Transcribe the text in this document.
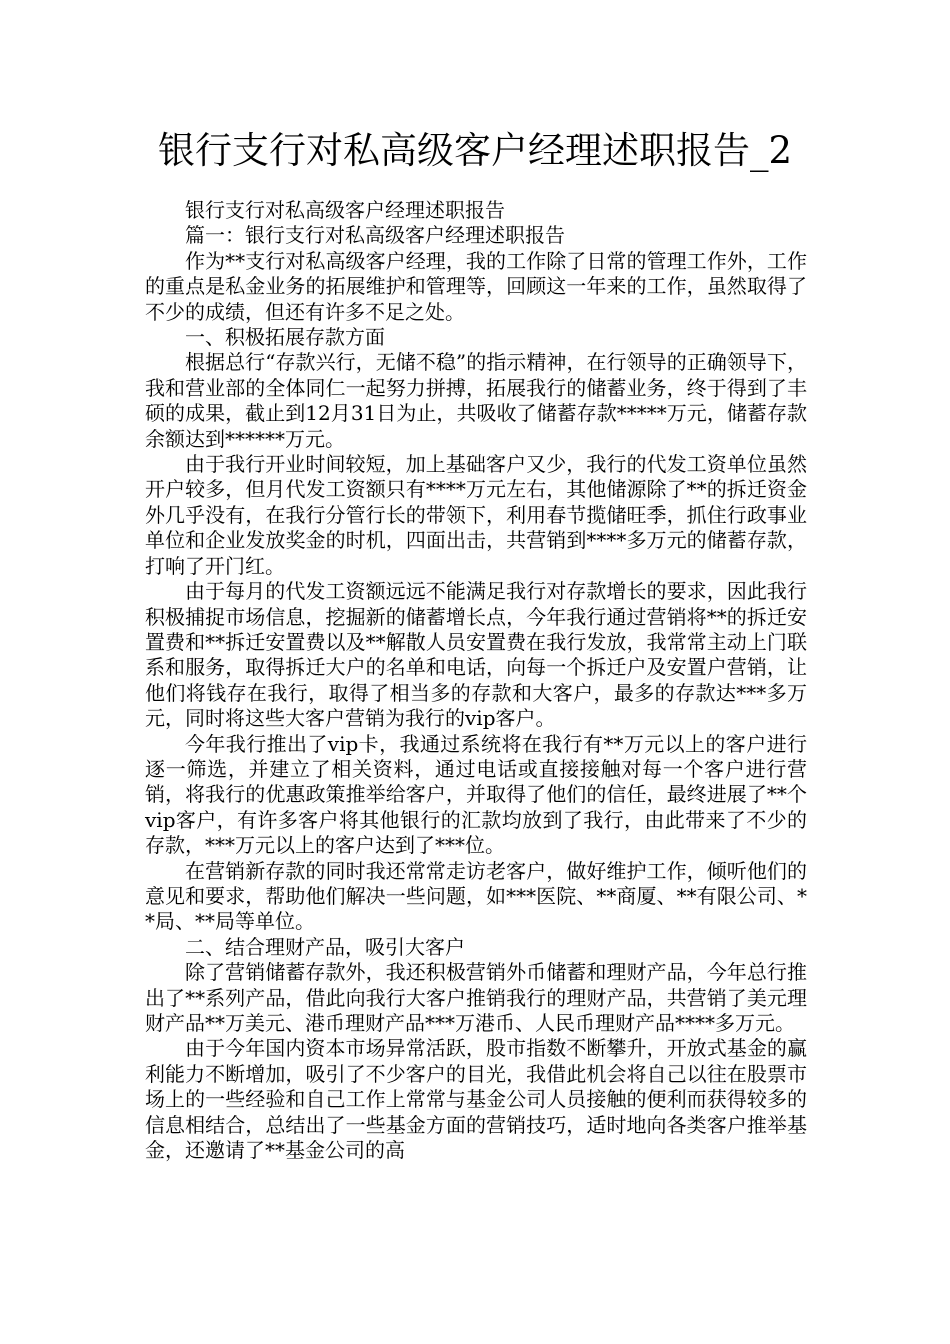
银行支行对私高级客户经理述职报告_2

银行支行对私高级客户经理述职报告

篇一：银行支行对私高级客户经理述职报告

作为**支行对私高级客户经理，我的工作除了日常的管理工作外，工作的重点是私金业务的拓展维护和管理等，回顾这一年来的工作，虽然取得了不少的成绩，但还有许多不足之处。

一、积极拓展存款方面

根据总行“存款兴行，无储不稳”的指示精神，在行领导的正确领导下，我和营业部的全体同仁一起努力拼搏，拓展我行的储蓄业务，终于得到了丰硕的成果，截止到12月31日为止，共吸收了储蓄存款*****万元，储蓄存款余额达到******万元。

由于我行开业时间较短，加上基础客户又少，我行的代发工资单位虽然开户较多，但月代发工资额只有****万元左右，其他储源除了**的拆迁资金外几乎没有，在我行分管行长的带领下，利用春节揽储旺季，抓住行政事业单位和企业发放奖金的时机，四面出击，共营销到****多万元的储蓄存款，打响了开门红。

由于每月的代发工资额远远不能满足我行对存款增长的要求，因此我行积极捕捉市场信息，挖掘新的储蓄增长点，今年我行通过营销将**的拆迁安置费和**拆迁安置费以及**解散人员安置费在我行发放，我常常主动上门联系和服务，取得拆迁大户的名单和电话，向每一个拆迁户及安置户营销，让他们将钱存在我行，取得了相当多的存款和大客户，最多的存款达***多万元，同时将这些大客户营销为我行的vip客户。

今年我行推出了vip卡，我通过系统将在我行有**万元以上的客户进行逐一筛选，并建立了相关资料，通过电话或直接接触对每一个客户进行营销，将我行的优惠政策推举给客户，并取得了他们的信任，最终进展了**个vip客户，有许多客户将其他银行的汇款均放到了我行，由此带来了不少的存款，***万元以上的客户达到了***位。

在营销新存款的同时我还常常走访老客户，做好维护工作，倾听他们的意见和要求，帮助他们解决一些问题，如***医院、**商厦、**有限公司、**局、**局等单位。

二、结合理财产品，吸引大客户

除了营销储蓄存款外，我还积极营销外币储蓄和理财产品，今年总行推出了**系列产品，借此向我行大客户推销我行的理财产品，共营销了美元理财产品**万美元、港币理财产品***万港币、人民币理财产品****多万元。

由于今年国内资本市场异常活跃，股市指数不断攀升，开放式基金的赢利能力不断增加，吸引了不少客户的目光，我借此机会将自己以往在股票市场上的一些经验和自己工作上常常与基金公司人员接触的便利而获得较多的信息相结合，总结出了一些基金方面的营销技巧，适时地向各类客户推举基金，还邀请了**基金公司的高
